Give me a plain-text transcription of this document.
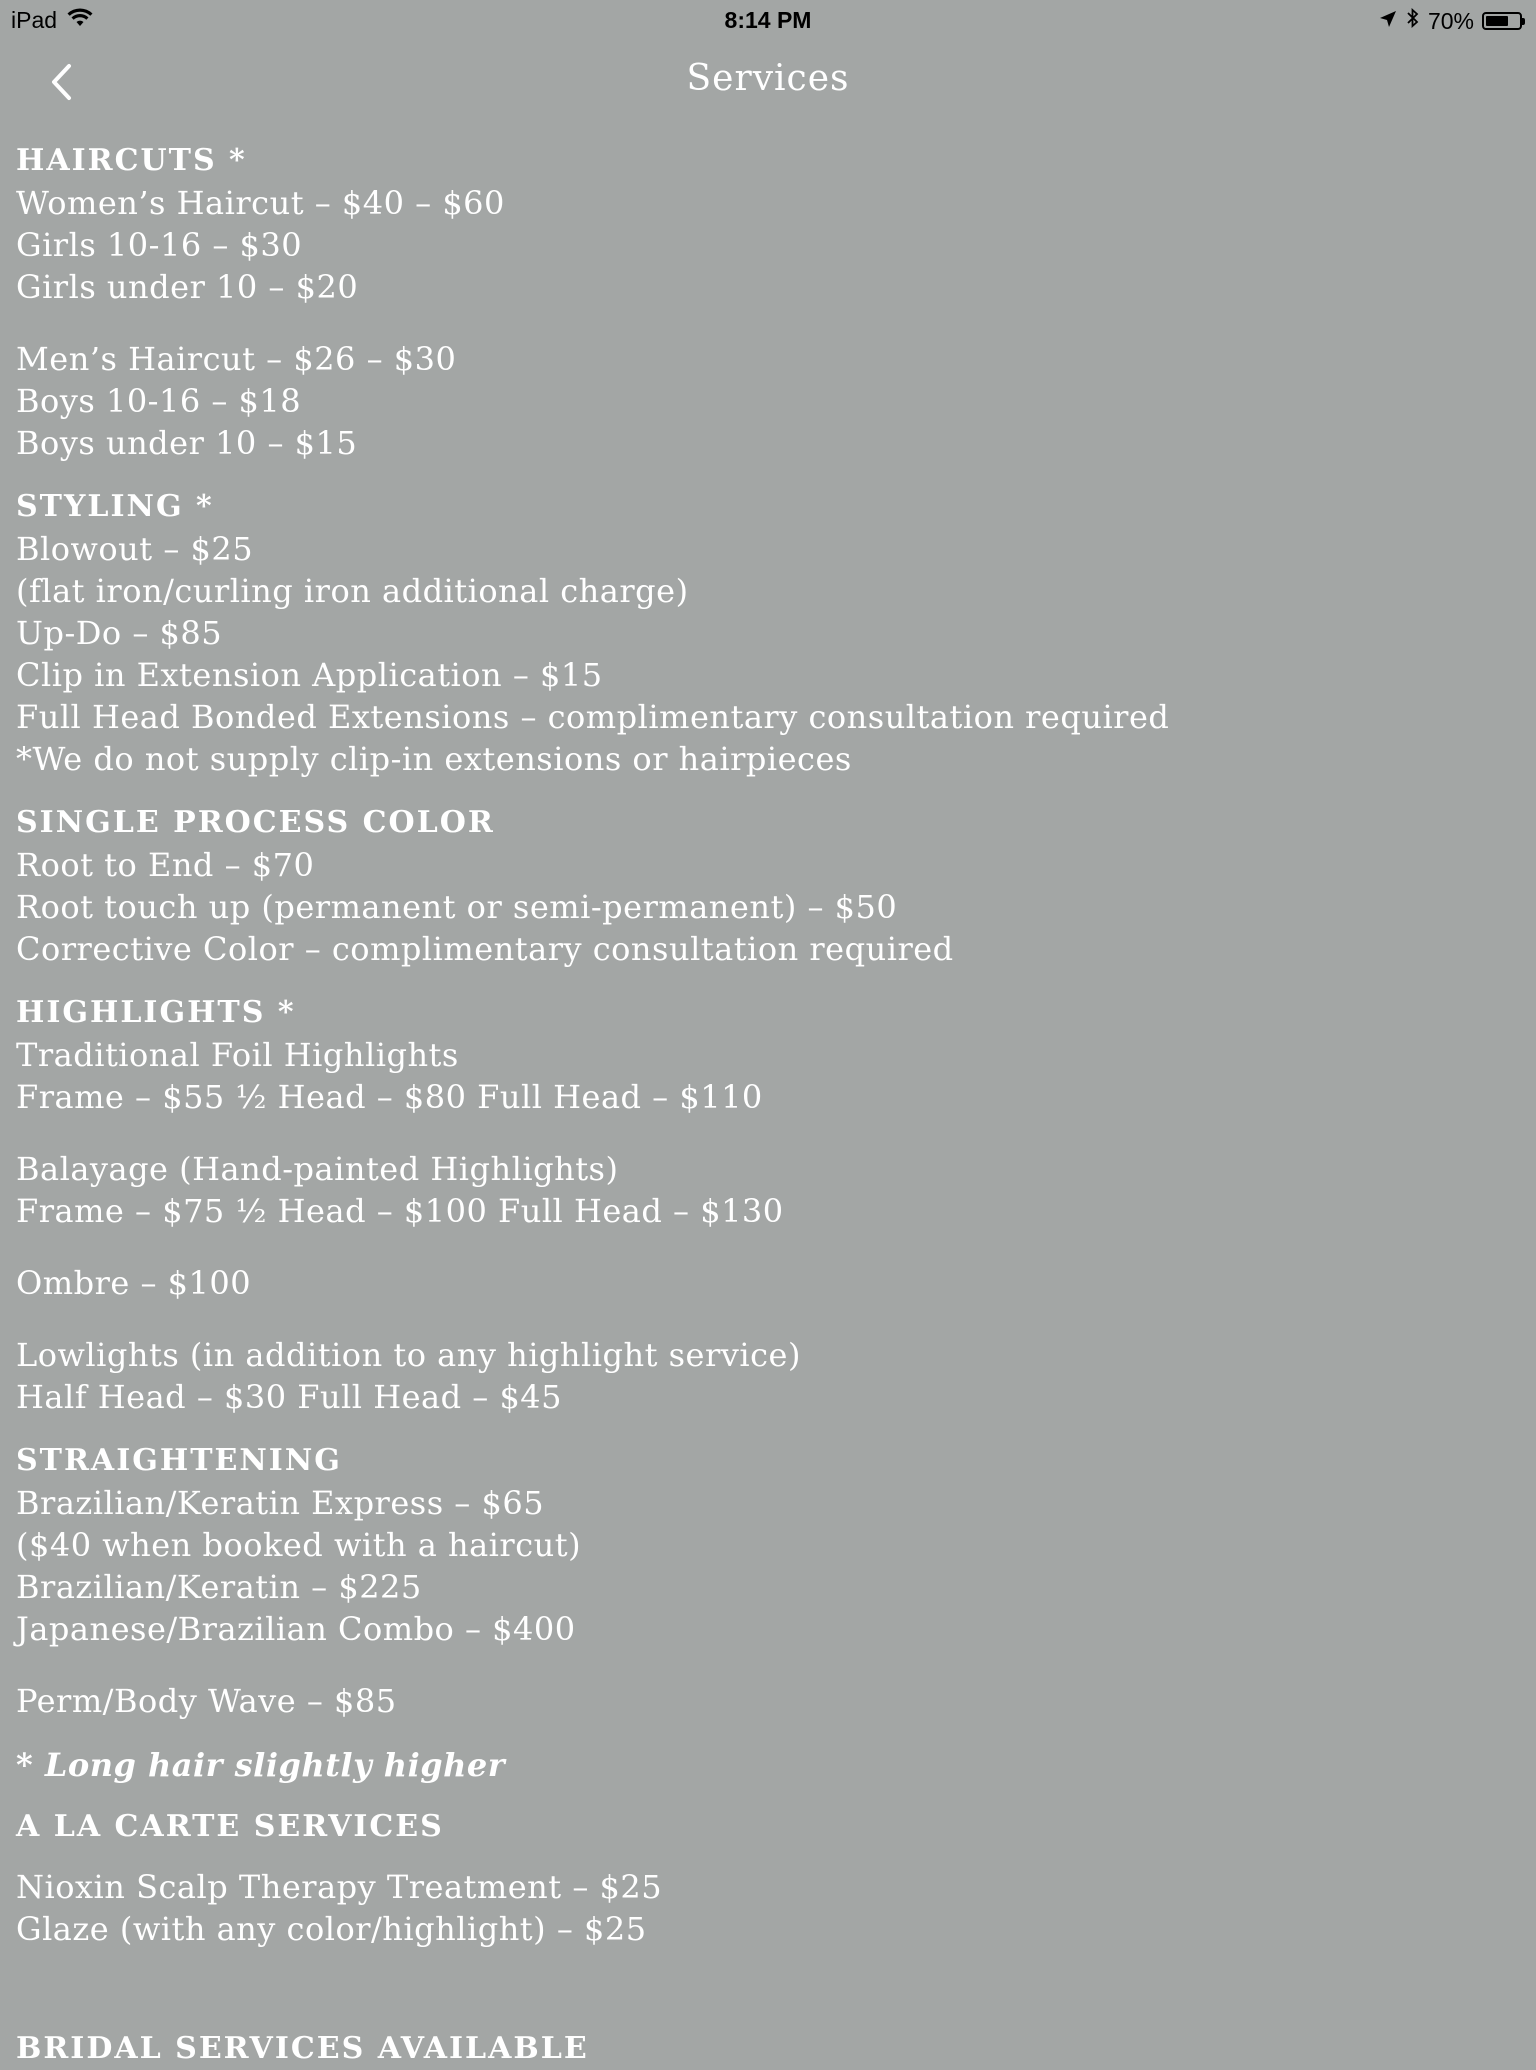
iPad	8:14 PM	70%
Services
HAIRCUTS *
Women’s Haircut – $40 – $60
Girls 10-16 – $30
Girls under 10 – $20
Men’s Haircut – $26 – $30
Boys 10-16 – $18
Boys under 10 – $15
STYLING *
Blowout – $25
(flat iron/curling iron additional charge)
Up-Do – $85
Clip in Extension Application – $15
Full Head Bonded Extensions – complimentary consultation required
*We do not supply clip-in extensions or hairpieces
SINGLE PROCESS COLOR
Root to End – $70
Root touch up (permanent or semi-permanent) – $50
Corrective Color – complimentary consultation required
HIGHLIGHTS *
Traditional Foil Highlights
Frame – $55 ½ Head – $80 Full Head – $110
Balayage (Hand-painted Highlights)
Frame – $75 ½ Head – $100 Full Head – $130
Ombre – $100
Lowlights (in addition to any highlight service)
Half Head – $30 Full Head – $45
STRAIGHTENING
Brazilian/Keratin Express – $65
($40 when booked with a haircut)
Brazilian/Keratin – $225
Japanese/Brazilian Combo – $400
Perm/Body Wave – $85
* Long hair slightly higher
A LA CARTE SERVICES
Nioxin Scalp Therapy Treatment – $25
Glaze (with any color/highlight) – $25
BRIDAL SERVICES AVAILABLE
